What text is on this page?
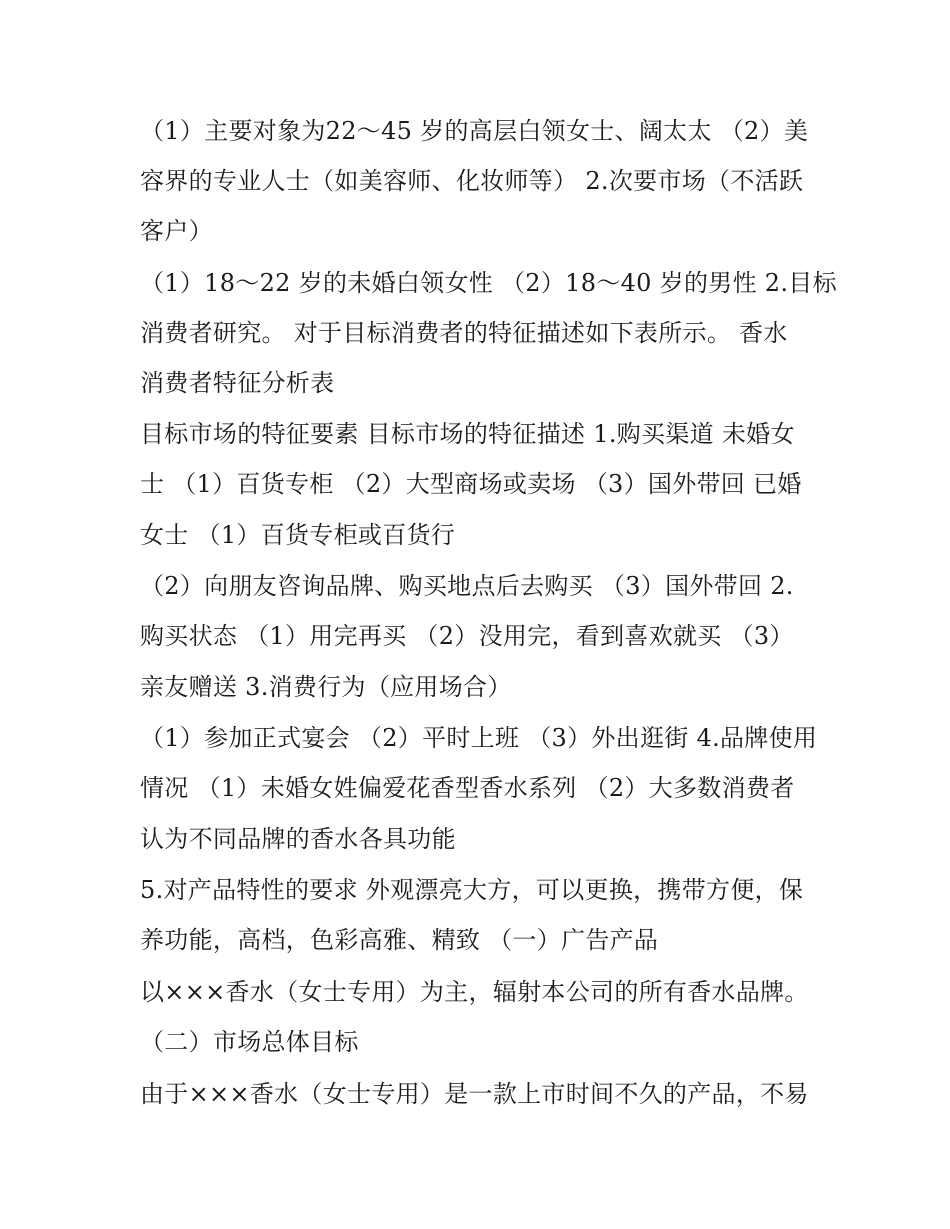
（1）主要对象为22～45 岁的高层白领女士、阔太太 （2）美
容界的专业人士（如美容师、化妆师等） 2.次要市场（不活跃
客户）
（1）18～22 岁的未婚白领女性 （2）18～40 岁的男性 2.目标
消费者研究。 对于目标消费者的特征描述如下表所示。 香水
消费者特征分析表
目标市场的特征要素 目标市场的特征描述 1.购买渠道 未婚女
士 （1）百货专柜 （2）大型商场或卖场 （3）国外带回 已婚
女士 （1）百货专柜或百货行
（2）向朋友咨询品牌、购买地点后去购买 （3）国外带回 2.
购买状态 （1）用完再买 （2）没用完，看到喜欢就买 （3）
亲友赠送 3.消费行为（应用场合）
（1）参加正式宴会 （2）平时上班 （3）外出逛街 4.品牌使用
情况 （1）未婚女姓偏爱花香型香水系列 （2）大多数消费者
认为不同品牌的香水各具功能
5.对产品特性的要求 外观漂亮大方，可以更换，携带方便，保
养功能，高档，色彩高雅、精致 （一）广告产品
以×××香水（女士专用）为主，辐射本公司的所有香水品牌。
（二）市场总体目标
由于×××香水（女士专用）是一款上市时间不久的产品，不易
